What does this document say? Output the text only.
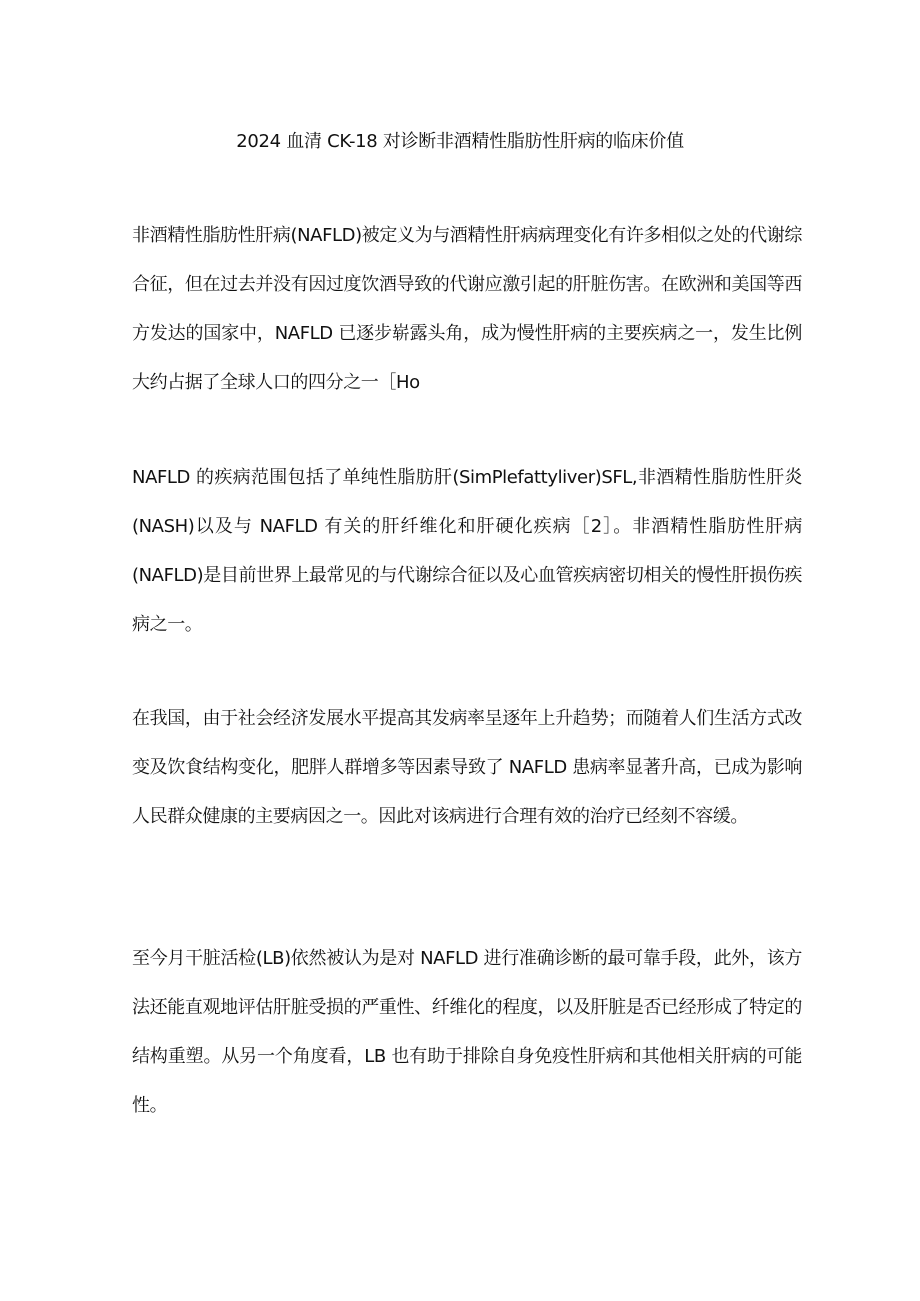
2024 血清 CK-18 对诊断非酒精性脂肪性肝病的临床价值

非酒精性脂肪性肝病(NAFLD)被定义为与酒精性肝病病理变化有许多相似之处的代谢综合征，但在过去并没有因过度饮酒导致的代谢应激引起的肝脏伤害。在欧洲和美国等西方发达的国家中，NAFLD 已逐步崭露头角，成为慢性肝病的主要疾病之一，发生比例大约占据了全球人口的四分之一［Ho

NAFLD 的疾病范围包括了单纯性脂肪肝(SimPlefattyliver)SFL,非酒精性脂肪性肝炎(NASH)以及与 NAFLD 有关的肝纤维化和肝硬化疾病［2］。非酒精性脂肪性肝病(NAFLD)是目前世界上最常见的与代谢综合征以及心血管疾病密切相关的慢性肝损伤疾病之一。

在我国，由于社会经济发展水平提高其发病率呈逐年上升趋势；而随着人们生活方式改变及饮食结构变化，肥胖人群增多等因素导致了 NAFLD 患病率显著升高，已成为影响人民群众健康的主要病因之一。因此对该病进行合理有效的治疗已经刻不容缓。

至今月干脏活检(LB)依然被认为是对 NAFLD 进行准确诊断的最可靠手段，此外，该方法还能直观地评估肝脏受损的严重性、纤维化的程度，以及肝脏是否已经形成了特定的结构重塑。从另一个角度看，LB 也有助于排除自身免疫性肝病和其他相关肝病的可能性。
